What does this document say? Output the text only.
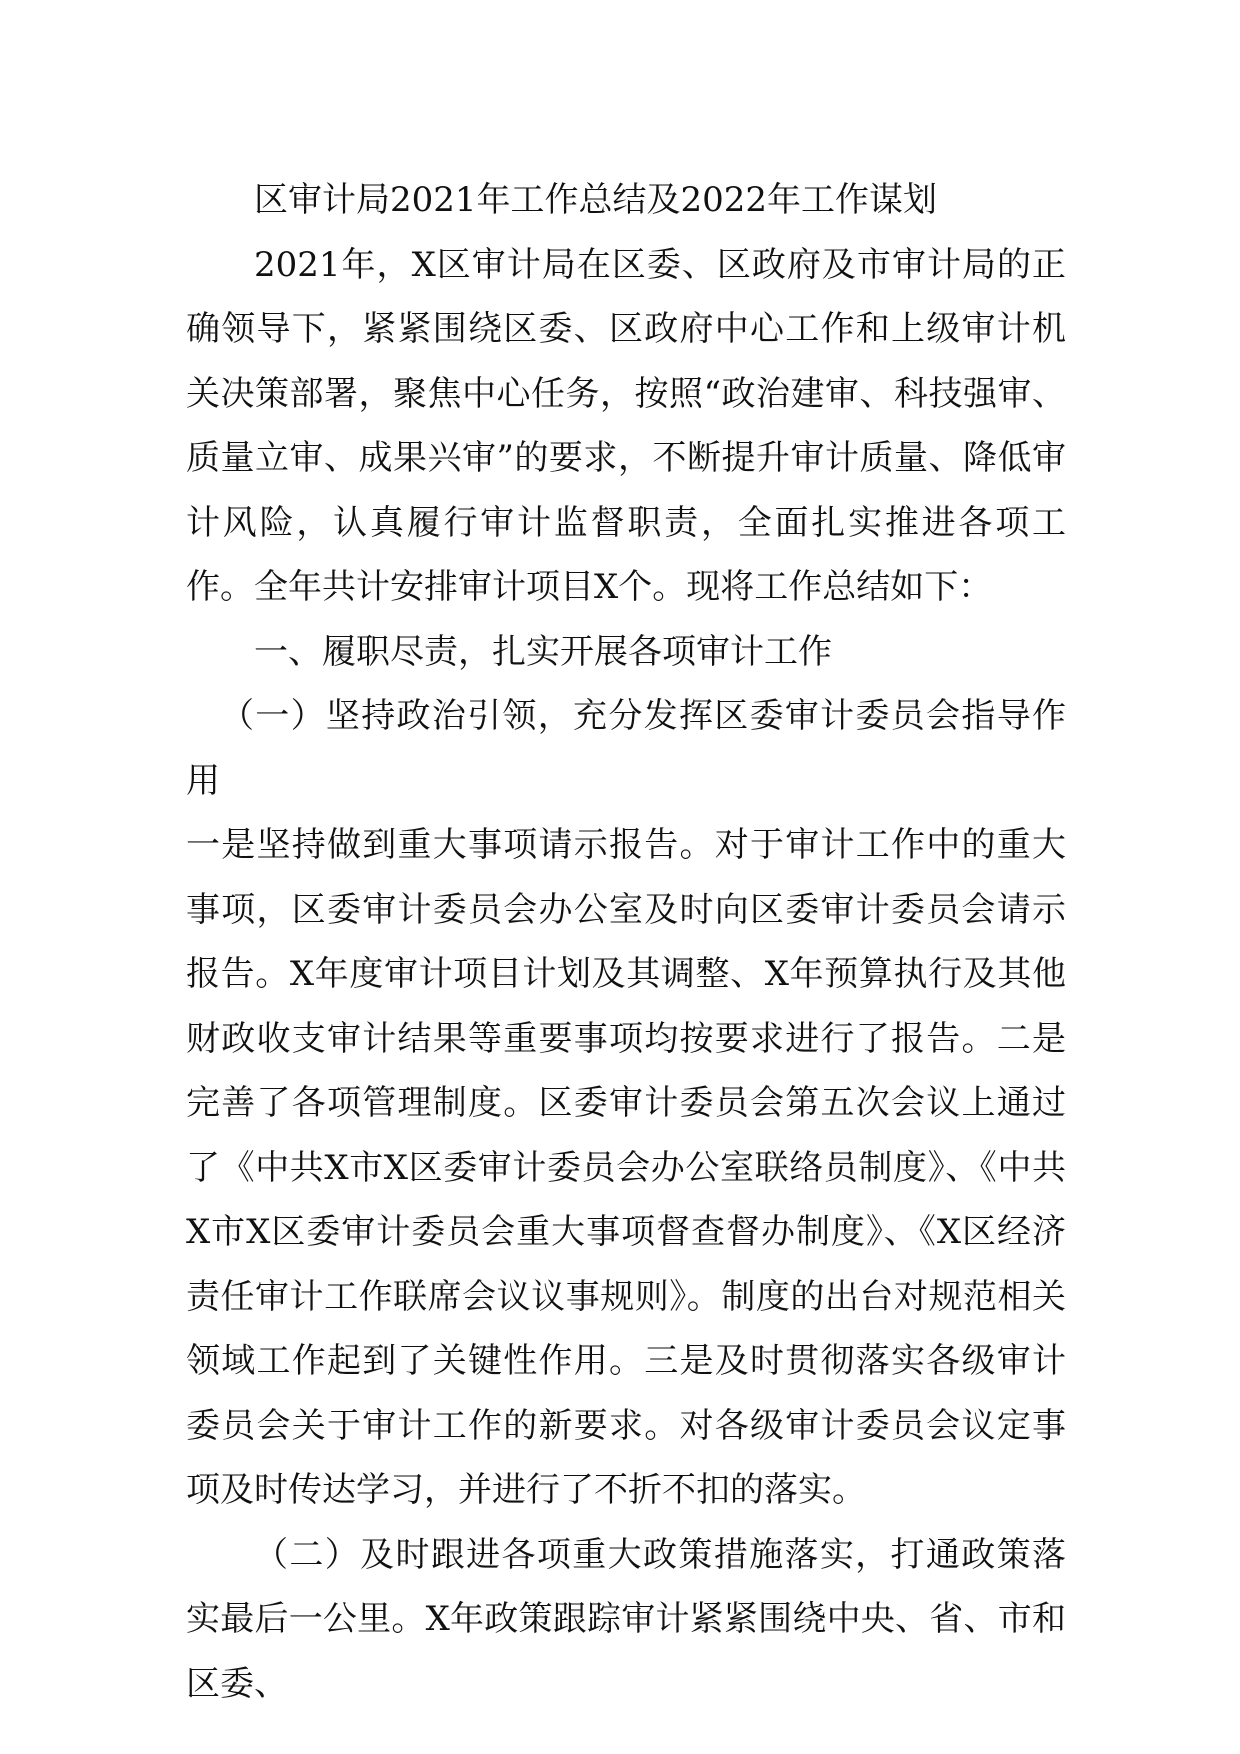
区审计局2021年工作总结及2022年工作谋划

2021年，X区审计局在区委、区政府及市审计局的正确领导下，紧紧围绕区委、区政府中心工作和上级审计机关决策部署，聚焦中心任务，按照“政治建审、科技强审、质量立审、成果兴审”的要求，不断提升审计质量、降低审计风险，认真履行审计监督职责，全面扎实推进各项工作。全年共计安排审计项目X个。现将工作总结如下：

一、履职尽责，扎实开展各项审计工作

（一）坚持政治引领，充分发挥区委审计委员会指导作用

一是坚持做到重大事项请示报告。对于审计工作中的重大事项，区委审计委员会办公室及时向区委审计委员会请示报告。X年度审计项目计划及其调整、X年预算执行及其他财政收支审计结果等重要事项均按要求进行了报告。二是完善了各项管理制度。区委审计委员会第五次会议上通过了《中共X市X区委审计委员会办公室联络员制度》、《中共X市X区委审计委员会重大事项督查督办制度》、《X区经济责任审计工作联席会议议事规则》。制度的出台对规范相关领域工作起到了关键性作用。三是及时贯彻落实各级审计委员会关于审计工作的新要求。对各级审计委员会议定事项及时传达学习，并进行了不折不扣的落实。

（二）及时跟进各项重大政策措施落实，打通政策落实最后一公里。X年政策跟踪审计紧紧围绕中央、省、市和区委、
